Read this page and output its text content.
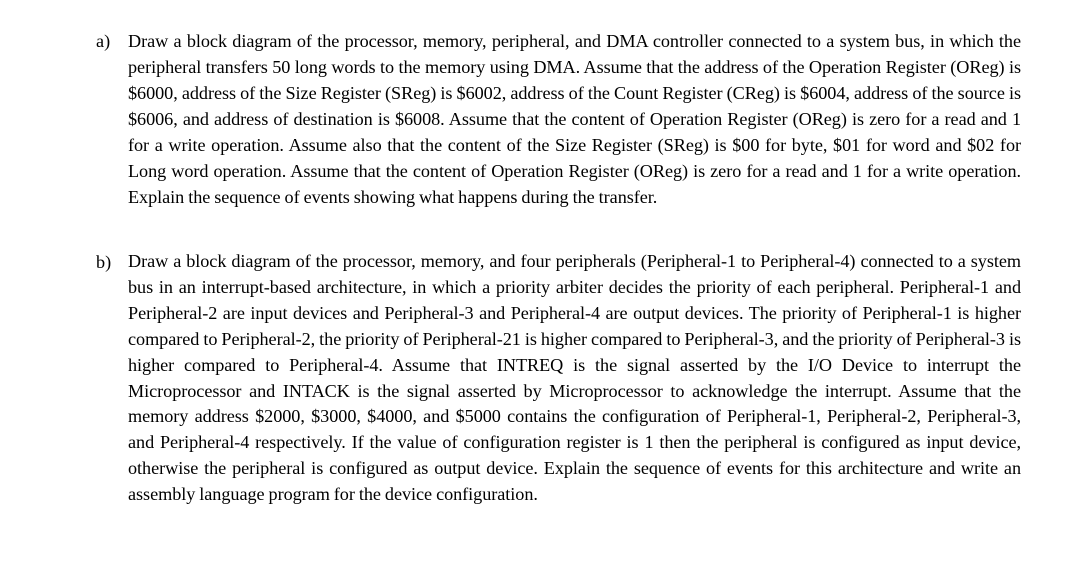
a) Draw a block diagram of the processor, memory, peripheral, and DMA controller connected to a system bus, in which the peripheral transfers 50 long words to the memory using DMA. Assume that the address of the Operation Register (OReg) is $6000, address of the Size Register (SReg) is $6002, address of the Count Register (CReg) is $6004, address of the source is $6006, and address of destination is $6008. Assume that the content of Operation Register (OReg) is zero for a read and 1 for a write operation. Assume also that the content of the Size Register (SReg) is $00 for byte, $01 for word and $02 for Long word operation. Assume that the content of Operation Register (OReg) is zero for a read and 1 for a write operation. Explain the sequence of events showing what happens during the transfer.
b) Draw a block diagram of the processor, memory, and four peripherals (Peripheral-1 to Peripheral-4) connected to a system bus in an interrupt-based architecture, in which a priority arbiter decides the priority of each peripheral. Peripheral-1 and Peripheral-2 are input devices and Peripheral-3 and Peripheral-4 are output devices. The priority of Peripheral-1 is higher compared to Peripheral-2, the priority of Peripheral-21 is higher compared to Peripheral-3, and the priority of Peripheral-3 is higher compared to Peripheral-4. Assume that INTREQ is the signal asserted by the I/O Device to interrupt the Microprocessor and INTACK is the signal asserted by Microprocessor to acknowledge the interrupt. Assume that the memory address $2000, $3000, $4000, and $5000 contains the configuration of Peripheral-1, Peripheral-2, Peripheral-3, and Peripheral-4 respectively. If the value of configuration register is 1 then the peripheral is configured as input device, otherwise the peripheral is configured as output device. Explain the sequence of events for this architecture and write an assembly language program for the device configuration.
